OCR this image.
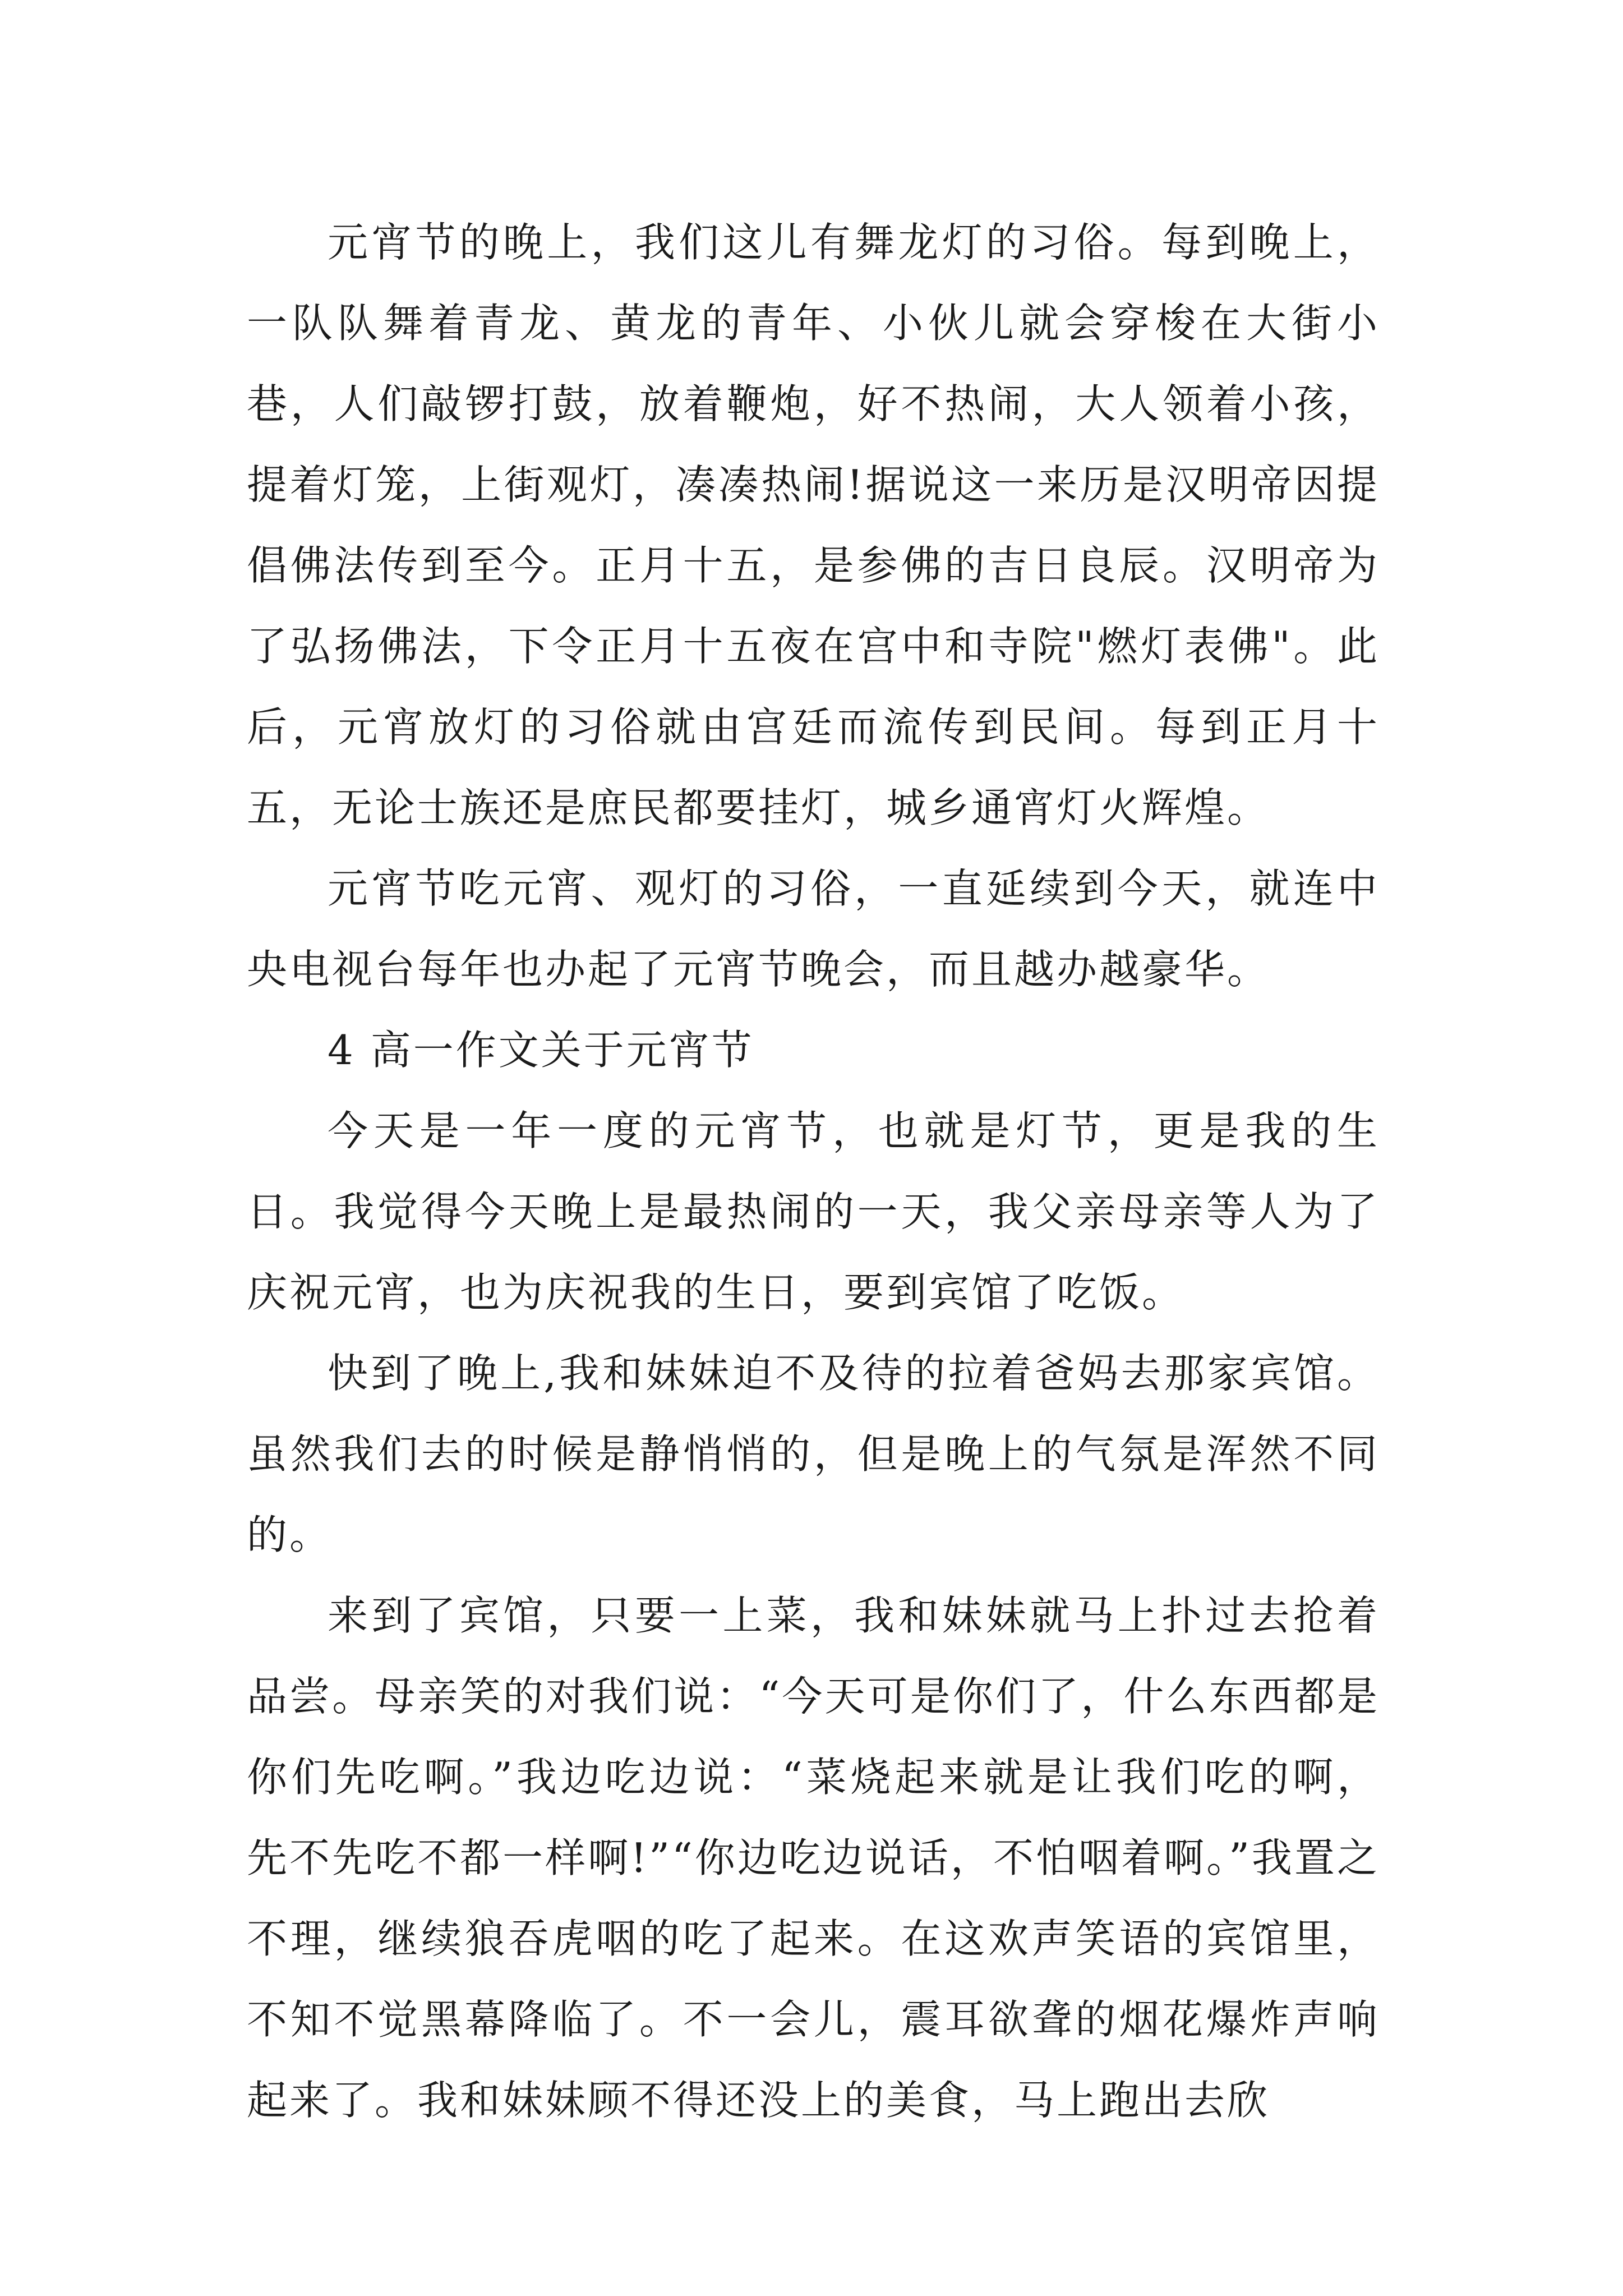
元宵节的晚上，我们这儿有舞龙灯的习俗。每到晚上，一队队舞着青龙、黄龙的青年、小伙儿就会穿梭在大街小巷，人们敲锣打鼓，放着鞭炮，好不热闹，大人领着小孩，提着灯笼，上街观灯，凑凑热闹!据说这一来历是汉明帝因提倡佛法传到至今。正月十五，是参佛的吉日良辰。汉明帝为了弘扬佛法，下令正月十五夜在宫中和寺院"燃灯表佛"。此后，元宵放灯的习俗就由宫廷而流传到民间。每到正月十五，无论士族还是庶民都要挂灯，城乡通宵灯火辉煌。

元宵节吃元宵、观灯的习俗，一直延续到今天，就连中央电视台每年也办起了元宵节晚会，而且越办越豪华。

4 高一作文关于元宵节

今天是一年一度的元宵节，也就是灯节，更是我的生日。我觉得今天晚上是最热闹的一天，我父亲母亲等人为了庆祝元宵，也为庆祝我的生日，要到宾馆了吃饭。

快到了晚上,我和妹妹迫不及待的拉着爸妈去那家宾馆。虽然我们去的时候是静悄悄的，但是晚上的气氛是浑然不同的。

来到了宾馆，只要一上菜，我和妹妹就马上扑过去抢着品尝。母亲笑的对我们说：“今天可是你们了，什么东西都是你们先吃啊。”我边吃边说：“菜烧起来就是让我们吃的啊，先不先吃不都一样啊!”“你边吃边说话，不怕咽着啊。”我置之不理，继续狼吞虎咽的吃了起来。在这欢声笑语的宾馆里，不知不觉黑幕降临了。不一会儿，震耳欲聋的烟花爆炸声响起来了。我和妹妹顾不得还没上的美食，马上跑出去欣
